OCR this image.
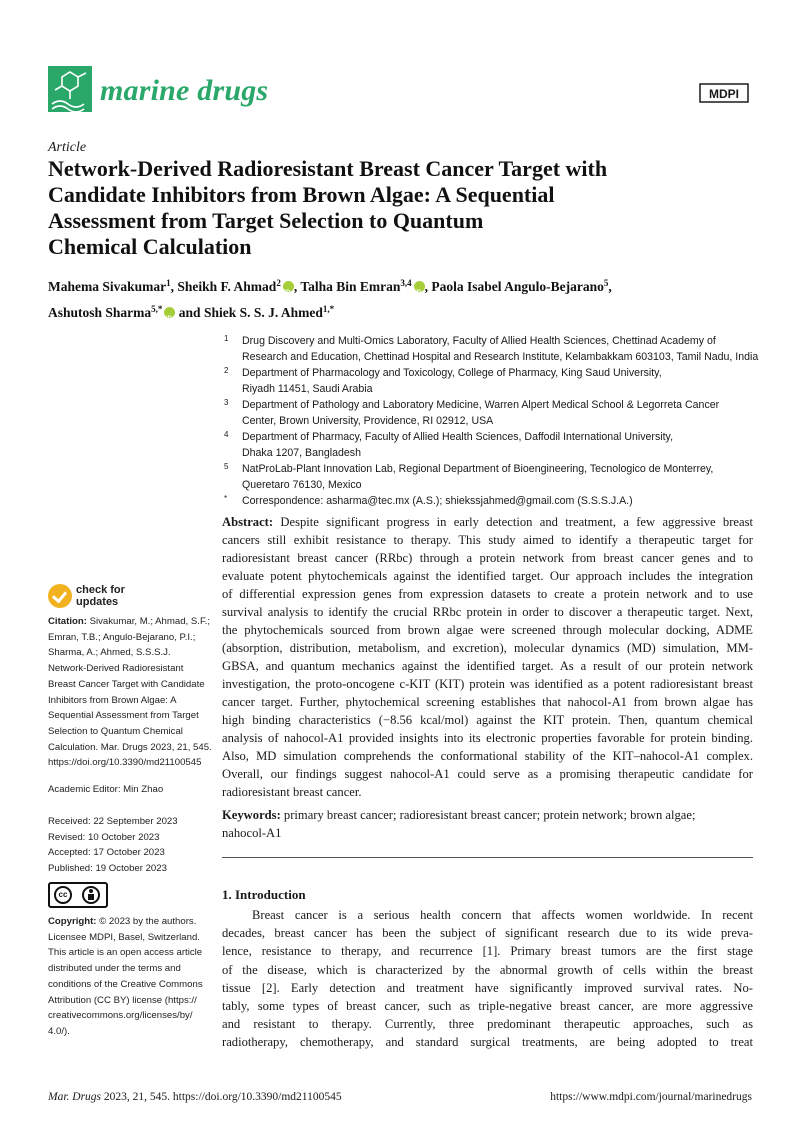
marine drugs	MDPI
Article
Network-Derived Radioresistant Breast Cancer Target with
Candidate Inhibitors from Brown Algae: A Sequential
Assessment from Target Selection to Quantum
Chemical Calculation
Mahema Sivakumar$^1$, Sheikh F. Ahmad$^2$ iD , Talha Bin Emran$^{3,4}$ iD , Paola Isabel Angulo-Bejarano$^5$,
Ashutosh Sharma$^{5,*}$iD and Shiek S. S. J. Ahmed$^{1,*}$
1 Drug Discovery and Multi-Omics Laboratory, Faculty of Allied Health Sciences, Chettinad Academy of
Research and Education, Chettinad Hospital and Research Institute, Kelambakkam 603103, Tamil Nadu, India
2 Department of Pharmacology and Toxicology, College of Pharmacy, King Saud University,
Riyadh 11451, Saudi Arabia
3 Department of Pathology and Laboratory Medicine, Warren Alpert Medical School & Legorreta Cancer
Center, Brown University, Providence, RI 02912, USA
4 Department of Pharmacy, Faculty of Allied Health Sciences, Daffodil International University,
Dhaka 1207, Bangladesh
5 NatProLab-Plant Innovation Lab, Regional Department of Bioengineering, Tecnologico de Monterrey,
Queretaro 76130, Mexico
* Correspondence: asharma@tec.mx (A.S.); shiekssjahmed@gmail.com (S.S.S.J.A.)
Abstract: Despite significant progress in early detection and treatment, a few aggressive breast
cancers still exhibit resistance to therapy. This study aimed to identify a therapeutic target for
radioresistant breast cancer (RRbc) through a protein network from breast cancer genes and to
evaluate potent phytochemicals against the identified target. Our approach includes the integration
of differential expression genes from expression datasets to create a protein network and to use
survival analysis to identify the crucial RRbc protein in order to discover a therapeutic target. Next,
the phytochemicals sourced from brown algae were screened through molecular docking, ADME
(absorption, distribution, metabolism, and excretion), molecular dynamics (MD) simulation, MM-
GBSA, and quantum mechanics against the identified target. As a result of our protein network
investigation, the proto-oncogene c-KIT (KIT) protein was identified as a potent radioresistant breast
cancer target. Further, phytochemical screening establishes that nahocol-A1 from brown algae has
high binding characteristics (−8.56 kcal/mol) against the KIT protein. Then, quantum chemical
analysis of nahocol-A1 provided insights into its electronic properties favorable for protein binding.
Also, MD simulation comprehends the conformational stability of the KIT–nahocol-A1 complex.
Overall, our findings suggest nahocol-A1 could serve as a promising therapeutic candidate for
radioresistant breast cancer.
Keywords: primary breast cancer; radioresistant breast cancer; protein network; brown algae;
nahocol-A1
check for
updates
Citation: Sivakumar, M.; Ahmad, S.F.;
Emran, T.B.; Angulo-Bejarano, P.I.;
Sharma, A.; Ahmed, S.S.S.J.
Network-Derived Radioresistant
Breast Cancer Target with Candidate
Inhibitors from Brown Algae: A
Sequential Assessment from Target
Selection to Quantum Chemical
Calculation. Mar. Drugs 2023, 21, 545.
https://doi.org/10.3390/md21100545
Academic Editor: Min Zhao
Received: 22 September 2023
Revised: 10 October 2023
Accepted: 17 October 2023
Published: 19 October 2023
cc
Copyright: © 2023 by the authors.
Licensee MDPI, Basel, Switzerland.
This article is an open access article
distributed under the terms and
conditions of the Creative Commons
Attribution (CC BY) license (https://
creativecommons.org/licenses/by/
4.0/).
1. Introduction
Breast cancer is a serious health concern that affects women worldwide. In recent
decades, breast cancer has been the subject of significant research due to its wide preva-
lence, resistance to therapy, and recurrence [1]. Primary breast tumors are the first stage
of the disease, which is characterized by the abnormal growth of cells within the breast
tissue [2]. Early detection and treatment have significantly improved survival rates. No-
tably, some types of breast cancer, such as triple-negative breast cancer, are more aggressive
and resistant to therapy. Currently, three predominant therapeutic approaches, such as
radiotherapy, chemotherapy, and standard surgical treatments, are being adopted to treat
Mar. Drugs 2023, 21, 545. https://doi.org/10.3390/md21100545	https://www.mdpi.com/journal/marinedrugs
